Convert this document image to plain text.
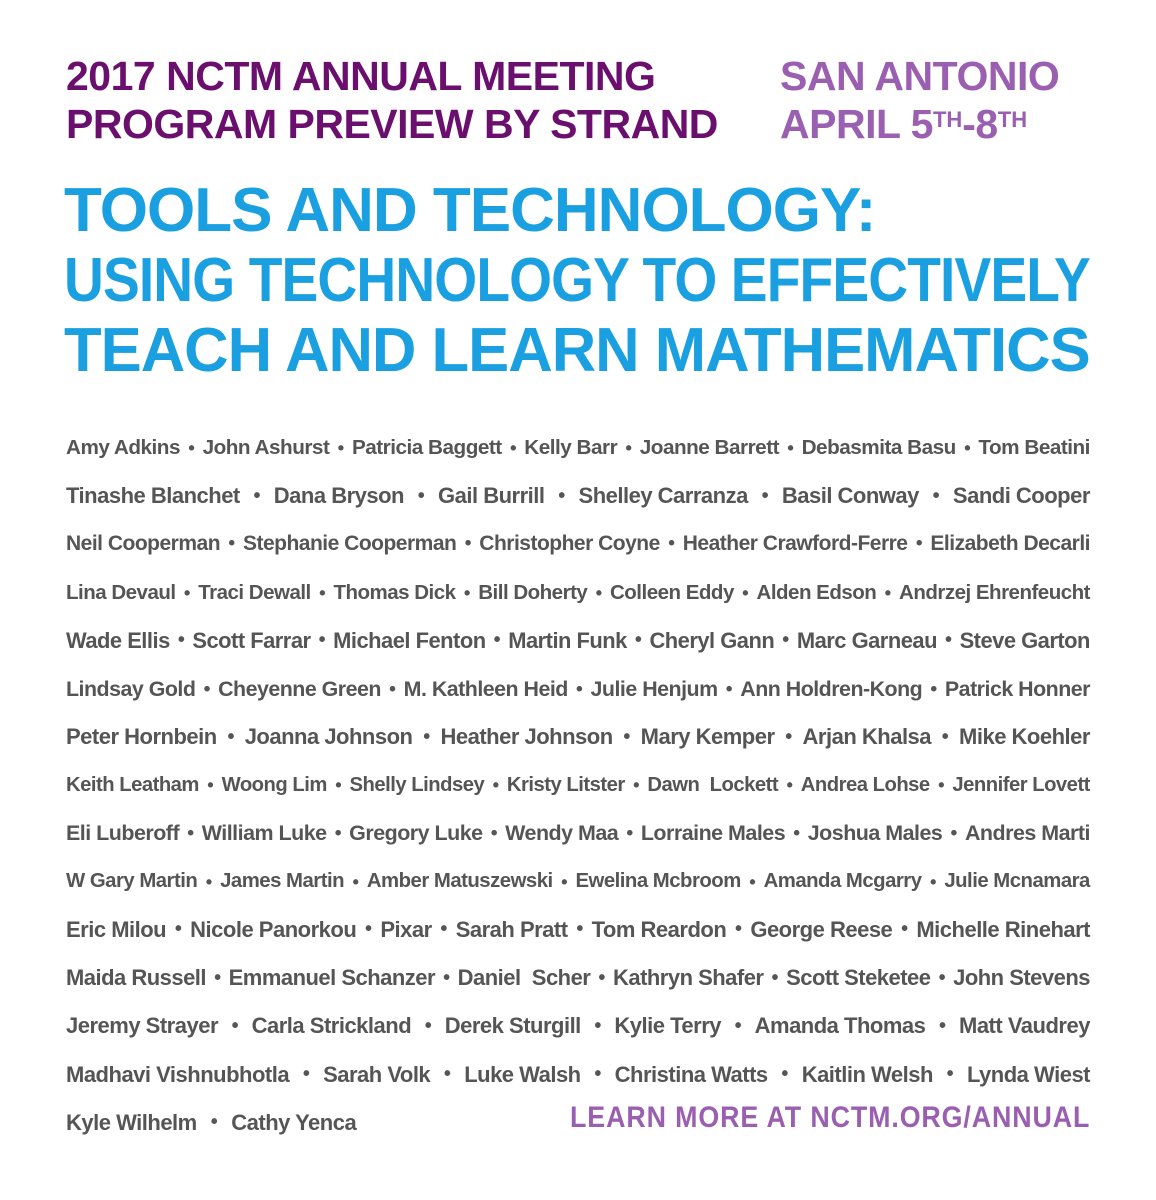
2017 NCTM ANNUAL MEETING
PROGRAM PREVIEW BY STRAND
SAN ANTONIO
APRIL 5TH-8TH
TOOLS AND TECHNOLOGY:
USING TECHNOLOGY TO EFFECTIVELY
TEACH AND LEARN MATHEMATICS
Amy Adkins • John Ashurst • Patricia Baggett • Kelly Barr • Joanne Barrett • Debasmita Basu • Tom Beatini
Tinashe Blanchet • Dana Bryson • Gail Burrill • Shelley Carranza • Basil Conway • Sandi Cooper
Neil Cooperman • Stephanie Cooperman • Christopher Coyne • Heather Crawford-Ferre • Elizabeth Decarli
Lina Devaul • Traci Dewall • Thomas Dick • Bill Doherty • Colleen Eddy • Alden Edson • Andrzej Ehrenfeucht
Wade Ellis • Scott Farrar • Michael Fenton • Martin Funk • Cheryl Gann • Marc Garneau • Steve Garton
Lindsay Gold • Cheyenne Green • M. Kathleen Heid • Julie Henjum • Ann Holdren-Kong • Patrick Honner
Peter Hornbein • Joanna Johnson • Heather Johnson • Mary Kemper • Arjan Khalsa • Mike Koehler
Keith Leatham • Woong Lim • Shelly Lindsey • Kristy Litster • Dawn  Lockett • Andrea Lohse • Jennifer Lovett
Eli Luberoff • William Luke • Gregory Luke • Wendy Maa • Lorraine Males • Joshua Males • Andres Marti
W Gary Martin • James Martin • Amber Matuszewski • Ewelina Mcbroom • Amanda Mcgarry • Julie Mcnamara
Eric Milou • Nicole Panorkou • Pixar • Sarah Pratt • Tom Reardon • George Reese • Michelle Rinehart
Maida Russell • Emmanuel Schanzer • Daniel  Scher • Kathryn Shafer • Scott Steketee • John Stevens
Jeremy Strayer • Carla Strickland • Derek Sturgill • Kylie Terry • Amanda Thomas • Matt Vaudrey
Madhavi Vishnubhotla • Sarah Volk • Luke Walsh • Christina Watts • Kaitlin Welsh • Lynda Wiest
Kyle Wilhelm • Cathy Yenca	LEARN MORE AT NCTM.ORG/ANNUAL
